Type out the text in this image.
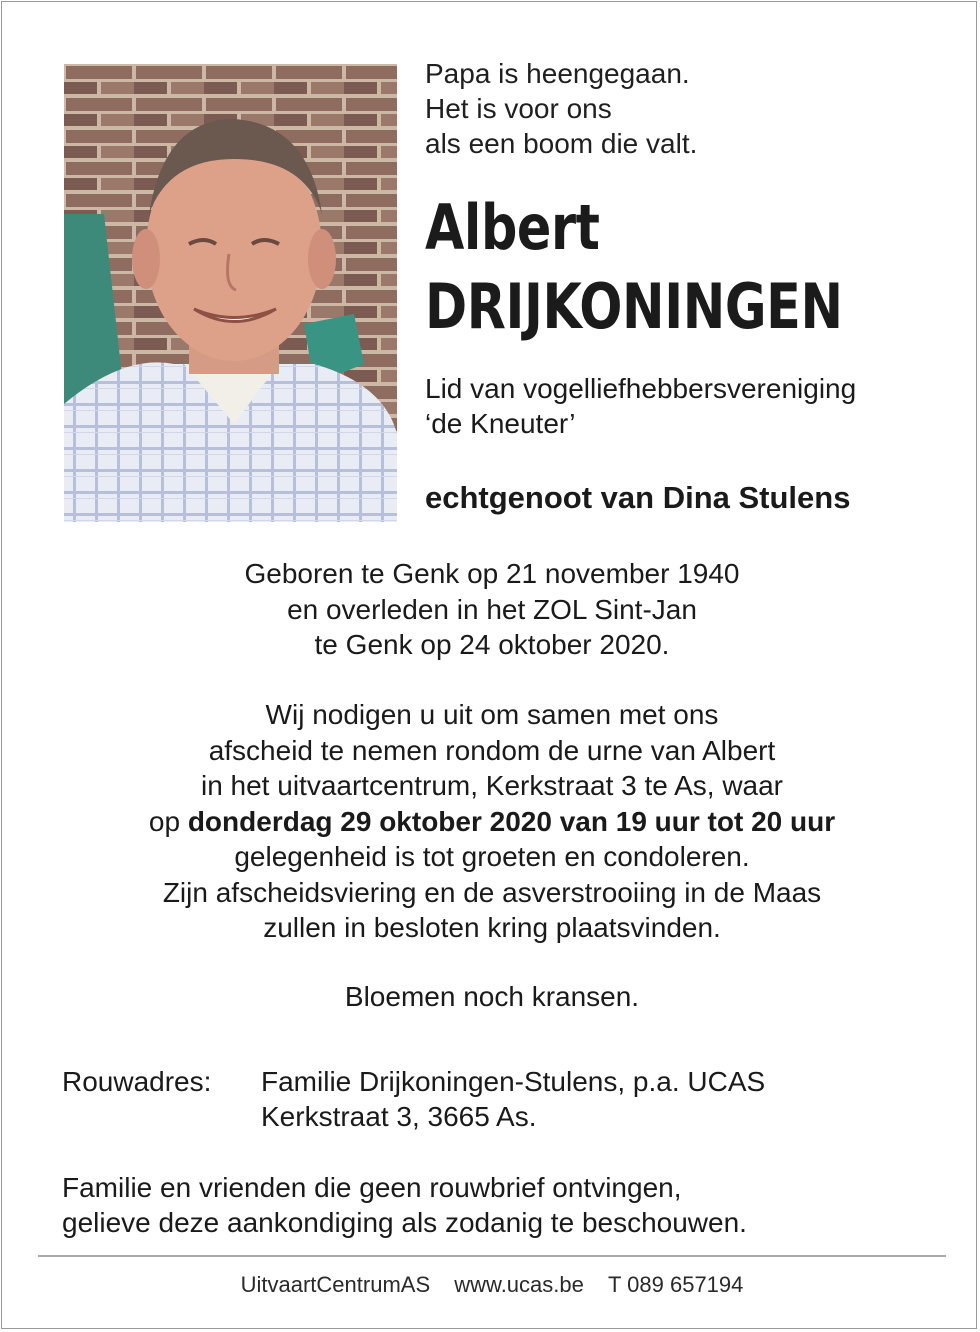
Papa is heengegaan.
Het is voor ons
als een boom die valt.
Albert
DRIJKONINGEN
Lid van vogelliefhebbersvereniging
‘de Kneuter’
echtgenoot van Dina Stulens
Geboren te Genk op 21 november 1940
en overleden in het ZOL Sint-Jan
te Genk op 24 oktober 2020.
Wij nodigen u uit om samen met ons
afscheid te nemen rondom de urne van Albert
in het uitvaartcentrum, Kerkstraat 3 te As, waar
op donderdag 29 oktober 2020 van 19 uur tot 20 uur
gelegenheid is tot groeten en condoleren.
Zijn afscheidsviering en de asverstrooiing in de Maas
zullen in besloten kring plaatsvinden.
Bloemen noch kransen.
Rouwadres: Familie Drijkoningen-Stulens, p.a. UCAS
Kerkstraat 3, 3665 As.
Familie en vrienden die geen rouwbrief ontvingen,
gelieve deze aankondiging als zodanig te beschouwen.
UitvaartCentrumAS www.ucas.be T 089 657194
